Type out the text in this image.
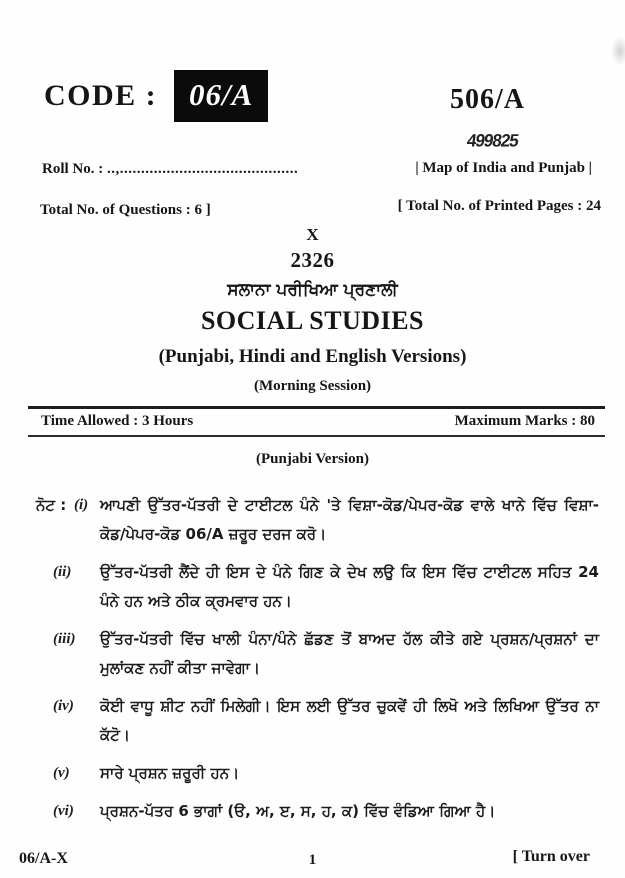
CODE :	06/A	506/A
499825
Roll No. : ..,..........................................	| Map of India and Punjab |
Total No. of Questions : 6 ]	[ Total No. of Printed Pages : 24
X
2326
ਸਲਾਨਾ ਪਰੀਖਿਆ ਪ੍ਰਣਾਲੀ
SOCIAL STUDIES
(Punjabi, Hindi and English Versions)
(Morning Session)
Time Allowed : 3 Hours	Maximum Marks : 80
(Punjabi Version)
ਨੋਟ : (i) ਆਪਣੀ ਉੱਤਰ-ਪੱਤਰੀ ਦੇ ਟਾਈਟਲ ਪੰਨੇ 'ਤੇ ਵਿਸ਼ਾ-ਕੋਡ/ਪੇਪਰ-ਕੋਡ ਵਾਲੇ ਖਾਨੇ ਵਿੱਚ ਵਿਸ਼ਾ-ਕੋਡ/ਪੇਪਰ-ਕੋਡ 06/A ਜ਼ਰੂਰ ਦਰਜ ਕਰੋ।
(ii)	ਉੱਤਰ-ਪੱਤਰੀ ਲੈਂਦੇ ਹੀ ਇਸ ਦੇ ਪੰਨੇ ਗਿਣ ਕੇ ਦੇਖ ਲਉ ਕਿ ਇਸ ਵਿੱਚ ਟਾਈਟਲ ਸਹਿਤ 24 ਪੰਨੇ ਹਨ ਅਤੇ ਠੀਕ ਕ੍ਰਮਵਾਰ ਹਨ।
(iii)	ਉੱਤਰ-ਪੱਤਰੀ ਵਿੱਚ ਖਾਲੀ ਪੰਨਾ/ਪੰਨੇ ਛੱਡਣ ਤੋਂ ਬਾਅਦ ਹੱਲ ਕੀਤੇ ਗਏ ਪ੍ਰਸ਼ਨ/ਪ੍ਰਸ਼ਨਾਂ ਦਾ ਮੁਲਾਂਕਣ ਨਹੀਂ ਕੀਤਾ ਜਾਵੇਗਾ।
(iv)	ਕੋਈ ਵਾਧੂ ਸ਼ੀਟ ਨਹੀਂ ਮਿਲੇਗੀ। ਇਸ ਲਈ ਉੱਤਰ ਚੁਕਵੇਂ ਹੀ ਲਿਖੋ ਅਤੇ ਲਿਖਿਆ ਉੱਤਰ ਨਾ ਕੱਟੋ।
(v)	ਸਾਰੇ ਪ੍ਰਸ਼ਨ ਜ਼ਰੂਰੀ ਹਨ।
(vi)	ਪ੍ਰਸ਼ਨ-ਪੱਤਰ 6 ਭਾਗਾਂ (ੳ, ਅ, ੲ, ਸ, ਹ, ਕ) ਵਿੱਚ ਵੰਡਿਆ ਗਿਆ ਹੈ।
06/A-X	1	[ Turn over
